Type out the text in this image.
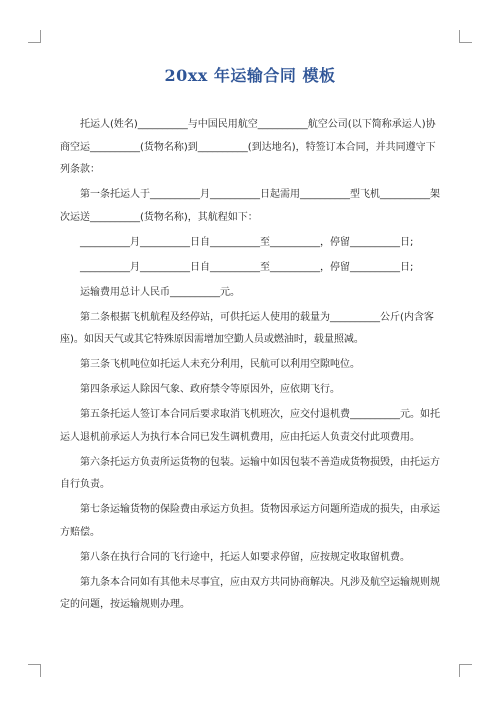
20xx 年运输合同 模板

托运人(姓名)__________与中国民用航空__________航空公司(以下简称承运人)协商空运__________(货物名称)到__________(到达地名)，特签订本合同，并共同遵守下列条款：

第一条托运人于__________月__________日起需用__________型飞机__________架次运送__________(货物名称)，其航程如下：

__________月__________日自__________至__________，停留__________日;

__________月__________日自__________至__________，停留__________日;

运输费用总计人民币__________元。

第二条根据飞机航程及经停站，可供托运人使用的载量为__________公斤(内含客座)。如因天气或其它特殊原因需增加空勤人员或燃油时，载量照减。

第三条飞机吨位如托运人未充分利用，民航可以利用空隙吨位。

第四条承运人除因气象、政府禁令等原因外，应依期飞行。

第五条托运人签订本合同后要求取消飞机班次，应交付退机费__________元。如托运人退机前承运人为执行本合同已发生调机费用，应由托运人负责交付此项费用。

第六条托运方负责所运货物的包装。运输中如因包装不善造成货物损毁，由托运方自行负责。

第七条运输货物的保险费由承运方负担。货物因承运方问题所造成的损失，由承运方赔偿。

第八条在执行合同的飞行途中，托运人如要求停留，应按规定收取留机费。

第九条本合同如有其他未尽事宜，应由双方共同协商解决。凡涉及航空运输规则规定的问题，按运输规则办理。
